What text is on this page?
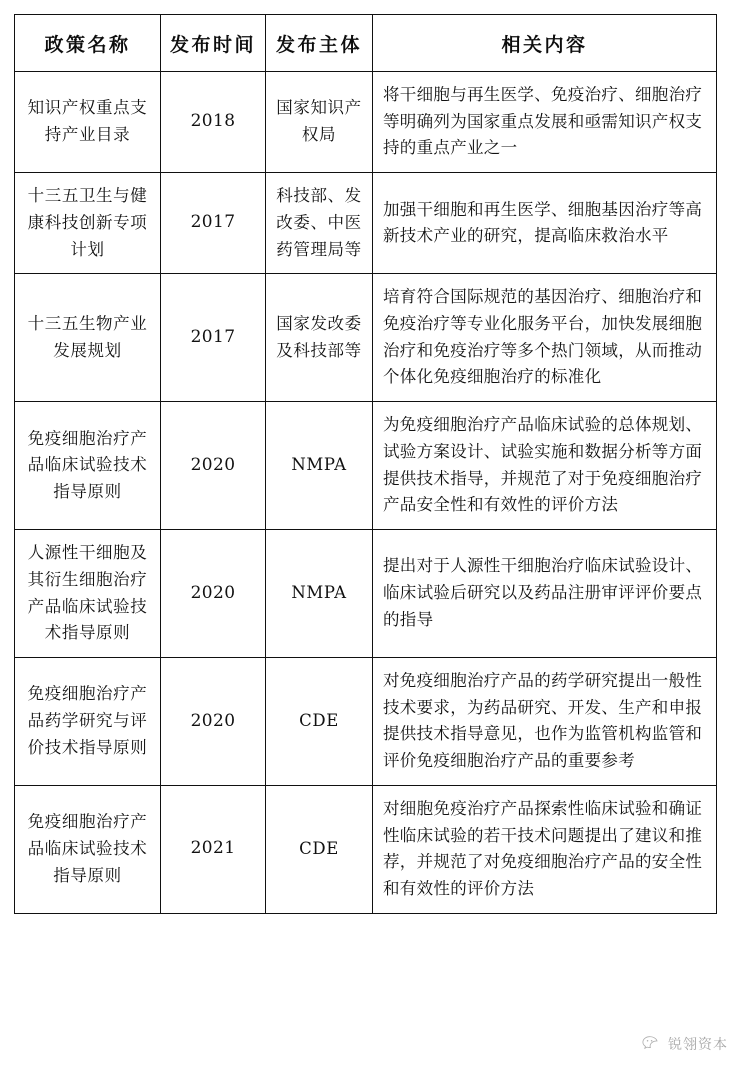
政策名称	发布时间	发布主体	相关内容

知识产权重点支持产业目录	2018	国家知识产权局	将干细胞与再生医学、免疫治疗、细胞治疗等明确列为国家重点发展和亟需知识产权支持的重点产业之一

十三五卫生与健康科技创新专项计划	2017	科技部、发改委、中医药管理局等	加强干细胞和再生医学、细胞基因治疗等高新技术产业的研究，提高临床救治水平

十三五生物产业发展规划	2017	国家发改委及科技部等	培育符合国际规范的基因治疗、细胞治疗和免疫治疗等专业化服务平台，加快发展细胞治疗和免疫治疗等多个热门领域，从而推动个体化免疫细胞治疗的标准化

免疫细胞治疗产品临床试验技术指导原则	2020	NMPA	为免疫细胞治疗产品临床试验的总体规划、试验方案设计、试验实施和数据分析等方面提供技术指导，并规范了对于免疫细胞治疗产品安全性和有效性的评价方法

人源性干细胞及其衍生细胞治疗产品临床试验技术指导原则	2020	NMPA	提出对于人源性干细胞治疗临床试验设计、临床试验后研究以及药品注册审评评价要点的指导

免疫细胞治疗产品药学研究与评价技术指导原则	2020	CDE	对免疫细胞治疗产品的药学研究提出一般性技术要求，为药品研究、开发、生产和申报提供技术指导意见，也作为监管机构监管和评价免疫细胞治疗产品的重要参考

免疫细胞治疗产品临床试验技术指导原则	2021	CDE	对细胞免疫治疗产品探索性临床试验和确证性临床试验的若干技术问题提出了建议和推荐，并规范了对免疫细胞治疗产品的安全性和有效性的评价方法
锐翎资本
